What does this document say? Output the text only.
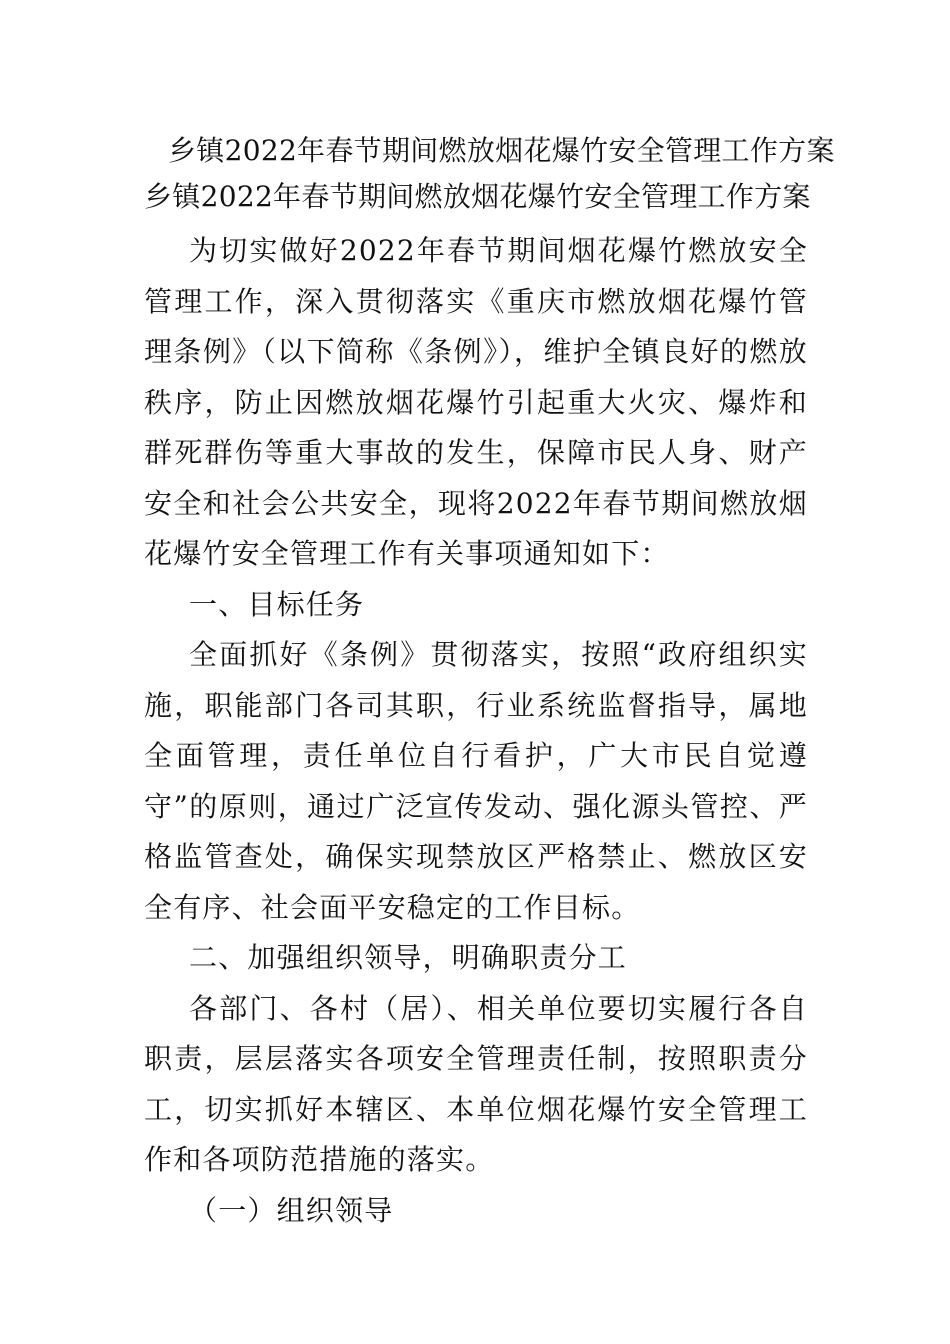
乡镇2022年春节期间燃放烟花爆竹安全管理工作方案
乡镇2022年春节期间燃放烟花爆竹安全管理工作方案

为切实做好2022年春节期间烟花爆竹燃放安全管理工作，深入贯彻落实《重庆市燃放烟花爆竹管理条例》（以下简称《条例》），维护全镇良好的燃放秩序，防止因燃放烟花爆竹引起重大火灾、爆炸和群死群伤等重大事故的发生，保障市民人身、财产安全和社会公共安全，现将2022年春节期间燃放烟花爆竹安全管理工作有关事项通知如下：

一、目标任务

全面抓好《条例》贯彻落实，按照“政府组织实施，职能部门各司其职，行业系统监督指导，属地全面管理，责任单位自行看护，广大市民自觉遵守”的原则，通过广泛宣传发动、强化源头管控、严格监管查处，确保实现禁放区严格禁止、燃放区安全有序、社会面平安稳定的工作目标。

二、加强组织领导，明确职责分工

各部门、各村（居）、相关单位要切实履行各自职责，层层落实各项安全管理责任制，按照职责分工，切实抓好本辖区、本单位烟花爆竹安全管理工作和各项防范措施的落实。

（一）组织领导
